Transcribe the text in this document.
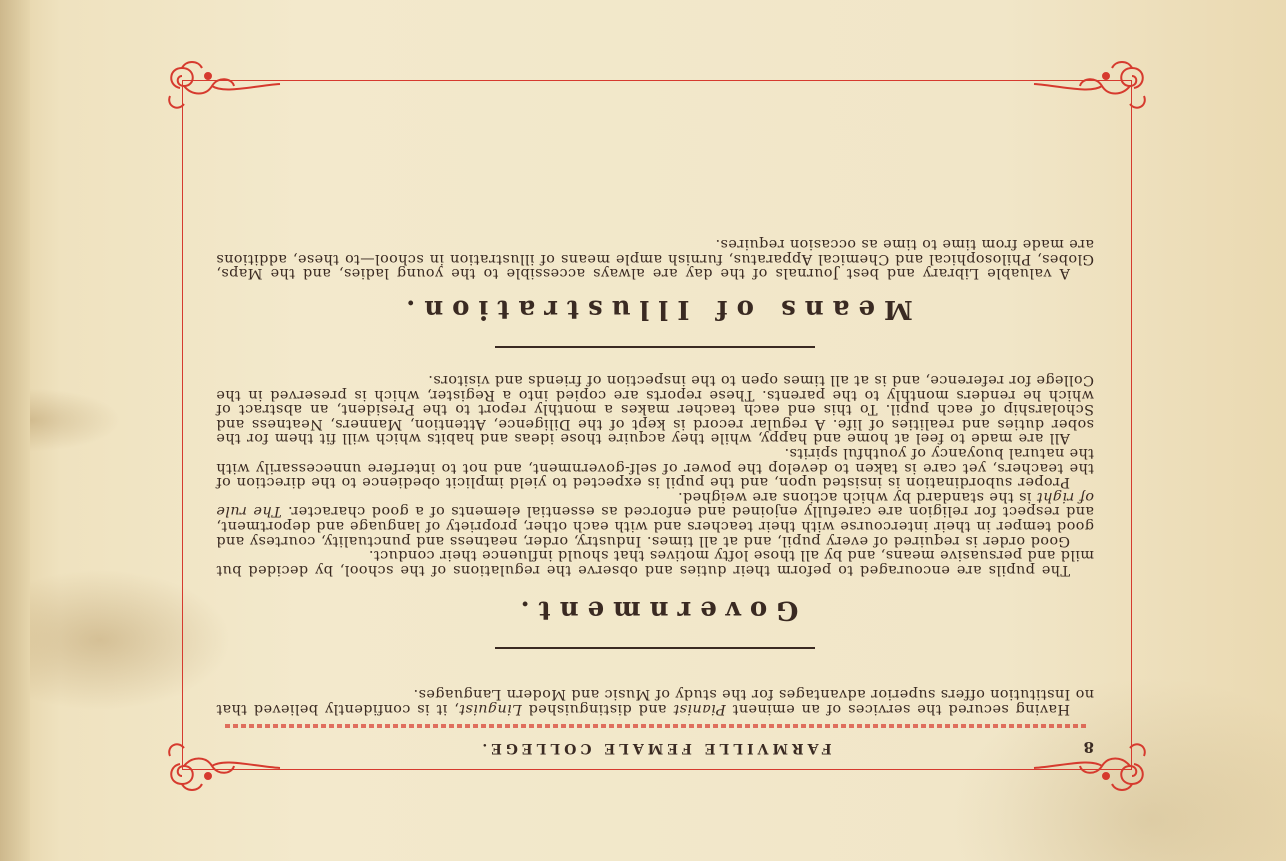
8
FARMVILLE FEMALE COLLEGE.

Having secured the services of an eminent Pianist and distinguished Linguist, it is confidently believed that no Institution offers superior advantages for the study of Music and Modern Languages.

Government.

The pupils are encouraged to peform their duties and observe the regulations of the school, by decided but mild and persuasive means, and by all those lofty motives that should influence their conduct.

Good order is required of every pupil, and at all times. Industry, order, neatness and punctuality, courtesy and good temper in their intercourse with their teachers and with each other, propriety of language and deportment, and respect for religion are carefully enjoined and enforced as essential elements of a good character. The rule of right is the standard by which actions are weighed.

Proper subordination is insisted upon, and the pupil is expected to yield implicit obedience to the direction of the teachers, yet care is taken to develop the power of self-government, and not to interfere unnecessarily with the natural buoyancy of youthful spirits.

All are made to feel at home and happy, while they acquire those ideas and habits which will fit them for the sober duties and realities of life. A regular record is kept of the Diligence, Attention, Manners, Neatness and Scholarship of each pupil. To this end each teacher makes a monthly report to the President, an abstract of which he renders monthly to the parents. These reports are copied into a Register, which is preserved in the College for reference, and is at all times open to the inspection of friends and visitors.

Means of Illustration.

A valuable Library and best Journals of the day are always accessible to the young ladies, and the Maps, Globes, Philosophical and Chemical Apparatus, furnish ample means of illustration in school—to these, additions are made from time to time as occasion requires.
